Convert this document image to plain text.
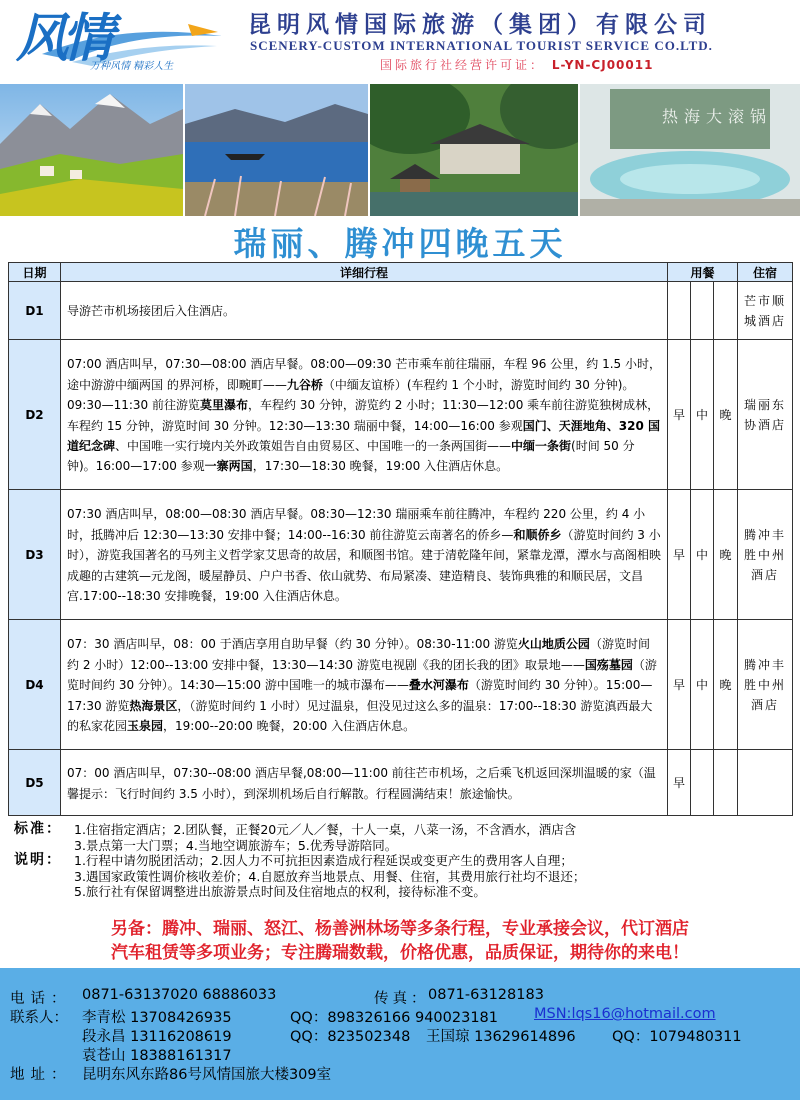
风情
万种风情 精彩人生
昆明风情国际旅游（集团）有限公司
SCENERY-CUSTOM INTERNATIONAL TOURIST SERVICE CO.LTD.
国际旅行社经营许可证： L-YN-CJ00011
热海大滚锅
瑞丽、腾冲四晚五天
日期	详细行程	用餐			住宿
D1	导游芒市机场接团后入住酒店。				芒市顺城酒店
D2	07:00 酒店叫早，07:30—08:00 酒店早餐。08:00—09:30 芒市乘车前往瑞丽，车程 96 公里，约 1.5 小时，途中游游中缅两国 的界河桥，即畹町——九谷桥（中缅友谊桥）(车程约 1 个小时，游览时间约 30 分钟)。09:30—11:30 前往游览莫里瀑布，车程约 30 分钟，游览约 2 小时；11:30—12:00 乘车前往游览独树成林，车程约 15 分钟，游览时间 30 分钟。12:30—13:30 瑞丽中餐，14:00—16:00 参观国门、天涯地角、320 国道纪念碑、中国唯一实行境内关外政策姐告自由贸易区、中国唯一的一条两国街——中缅一条街(时间 50 分钟)。16:00—17:00 参观一寨两国，17:30—18:30 晚餐，19:00 入住酒店休息。	早	中	晚	瑞丽东协酒店
D3	07:30 酒店叫早，08:00—08:30 酒店早餐。08:30—12:30 瑞丽乘车前往腾冲，车程约 220 公里，约 4 小时，抵腾冲后 12:30—13:30 安排中餐；14:00--16:30 前往游览云南著名的侨乡—和顺侨乡（游览时间约 3 小时），游览我国著名的马列主义哲学家艾思奇的故居，和顺图书馆。建于清乾隆年间，紧靠龙潭，潭水与高阁相映成趣的古建筑—元龙阁，暖屋静员、户户书香、依山就势、布局紧凑、建造精良、装饰典雅的和顺民居，文昌宫.17:00--18:30 安排晚餐，19:00 入住酒店休息。	早	中	晚	腾冲丰胜中州酒店
D4	07：30 酒店叫早，08：00 于酒店享用自助早餐（约 30 分钟）。08:30-11:00 游览火山地质公园（游览时间约 2 小时）12:00--13:00 安排中餐，13:30—14:30 游览电视剧《我的团长我的团》取景地——国殇墓园（游览时间约 30 分钟）。14:30—15:00 游中国唯一的城市瀑布——叠水河瀑布（游览时间约 30 分钟）。15:00—17:30 游览热海景区，（游览时间约 1 小时）见过温泉，但没见过这么多的温泉：17:00--18:30 游览滇西最大的私家花园玉泉园，19:00--20:00 晚餐，20:00 入住酒店休息。	早	中	晚	腾冲丰胜中州酒店
D5	07：00 酒店叫早，07:30--08:00 酒店早餐,08:00—11:00 前往芒市机场，之后乘飞机返回深圳温暖的家（温馨提示：飞行时间约 3.5 小时），到深圳机场后自行解散。行程圆满结束！旅途愉快。	早			
标准： 1.住宿指定酒店；2.团队餐，正餐20元／人／餐，十人一桌，八菜一汤，不含酒水，酒店含
3.景点第一大门票；4.当地空调旅游车；5.优秀导游陪同。
说明： 1.行程中请勿脱团活动；2.因人力不可抗拒因素造成行程延误或变更产生的费用客人自理；
3.遇国家政策性调价核收差价；4.自愿放弃当地景点、用餐、住宿，其费用旅行社均不退还；
5.旅行社有保留调整进出旅游景点时间及住宿地点的权利，接待标准不变。
另备：腾冲、瑞丽、怒江、杨善洲林场等多条行程，专业承接会议，代订酒店
汽车租赁等多项业务；专注腾瑞数载，价格优惠，品质保证，期待你的来电！
电话： 0871-63137020 68886033	传真：
0871-63128183
联系人： 李青松 13708426935	QQ：898326166 940023181 MSN:lqs16@hotmail.com
段永昌 13116208619	QQ：823502348 王国琼 13629614896	QQ：1079480311
袁苍山 18388161317
地址： 昆明东风东路86号风情国旅大楼309室
